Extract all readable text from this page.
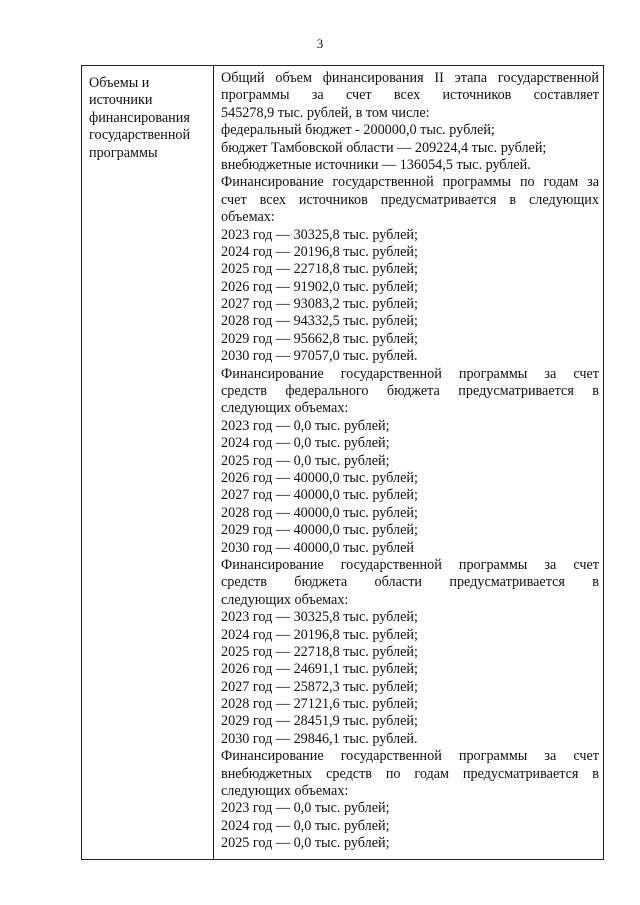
3
Объемы и
источники
финансирования
государственной
программы
Общий объем финансирования II этапа государственной
программы за счет всех источников составляет
545278,9 тыс. рублей, в том числе:
федеральный бюджет - 200000,0 тыс. рублей;
бюджет Тамбовской области — 209224,4 тыс. рублей;
внебюджетные источники — 136054,5 тыс. рублей.
Финансирование государственной программы по годам за
счет всех источников предусматривается в следующих
объемах:
2023 год — 30325,8 тыс. рублей;
2024 год — 20196,8 тыс. рублей;
2025 год — 22718,8 тыс. рублей;
2026 год — 91902,0 тыс. рублей;
2027 год — 93083,2 тыс. рублей;
2028 год — 94332,5 тыс. рублей;
2029 год — 95662,8 тыс. рублей;
2030 год — 97057,0 тыс. рублей.
Финансирование государственной программы за счет
средств федерального бюджета предусматривается в
следующих объемах:
2023 год — 0,0 тыс. рублей;
2024 год — 0,0 тыс. рублей;
2025 год — 0,0 тыс. рублей;
2026 год — 40000,0 тыс. рублей;
2027 год — 40000,0 тыс. рублей;
2028 год — 40000,0 тыс. рублей;
2029 год — 40000,0 тыс. рублей;
2030 год — 40000,0 тыс. рублей
Финансирование государственной программы за счет
средств бюджета области предусматривается в
следующих объемах:
2023 год — 30325,8 тыс. рублей;
2024 год — 20196,8 тыс. рублей;
2025 год — 22718,8 тыс. рублей;
2026 год — 24691,1 тыс. рублей;
2027 год — 25872,3 тыс. рублей;
2028 год — 27121,6 тыс. рублей;
2029 год — 28451,9 тыс. рублей;
2030 год — 29846,1 тыс. рублей.
Финансирование государственной программы за счет
внебюджетных средств по годам предусматривается в
следующих объемах:
2023 год — 0,0 тыс. рублей;
2024 год — 0,0 тыс. рублей;
2025 год — 0,0 тыс. рублей;
